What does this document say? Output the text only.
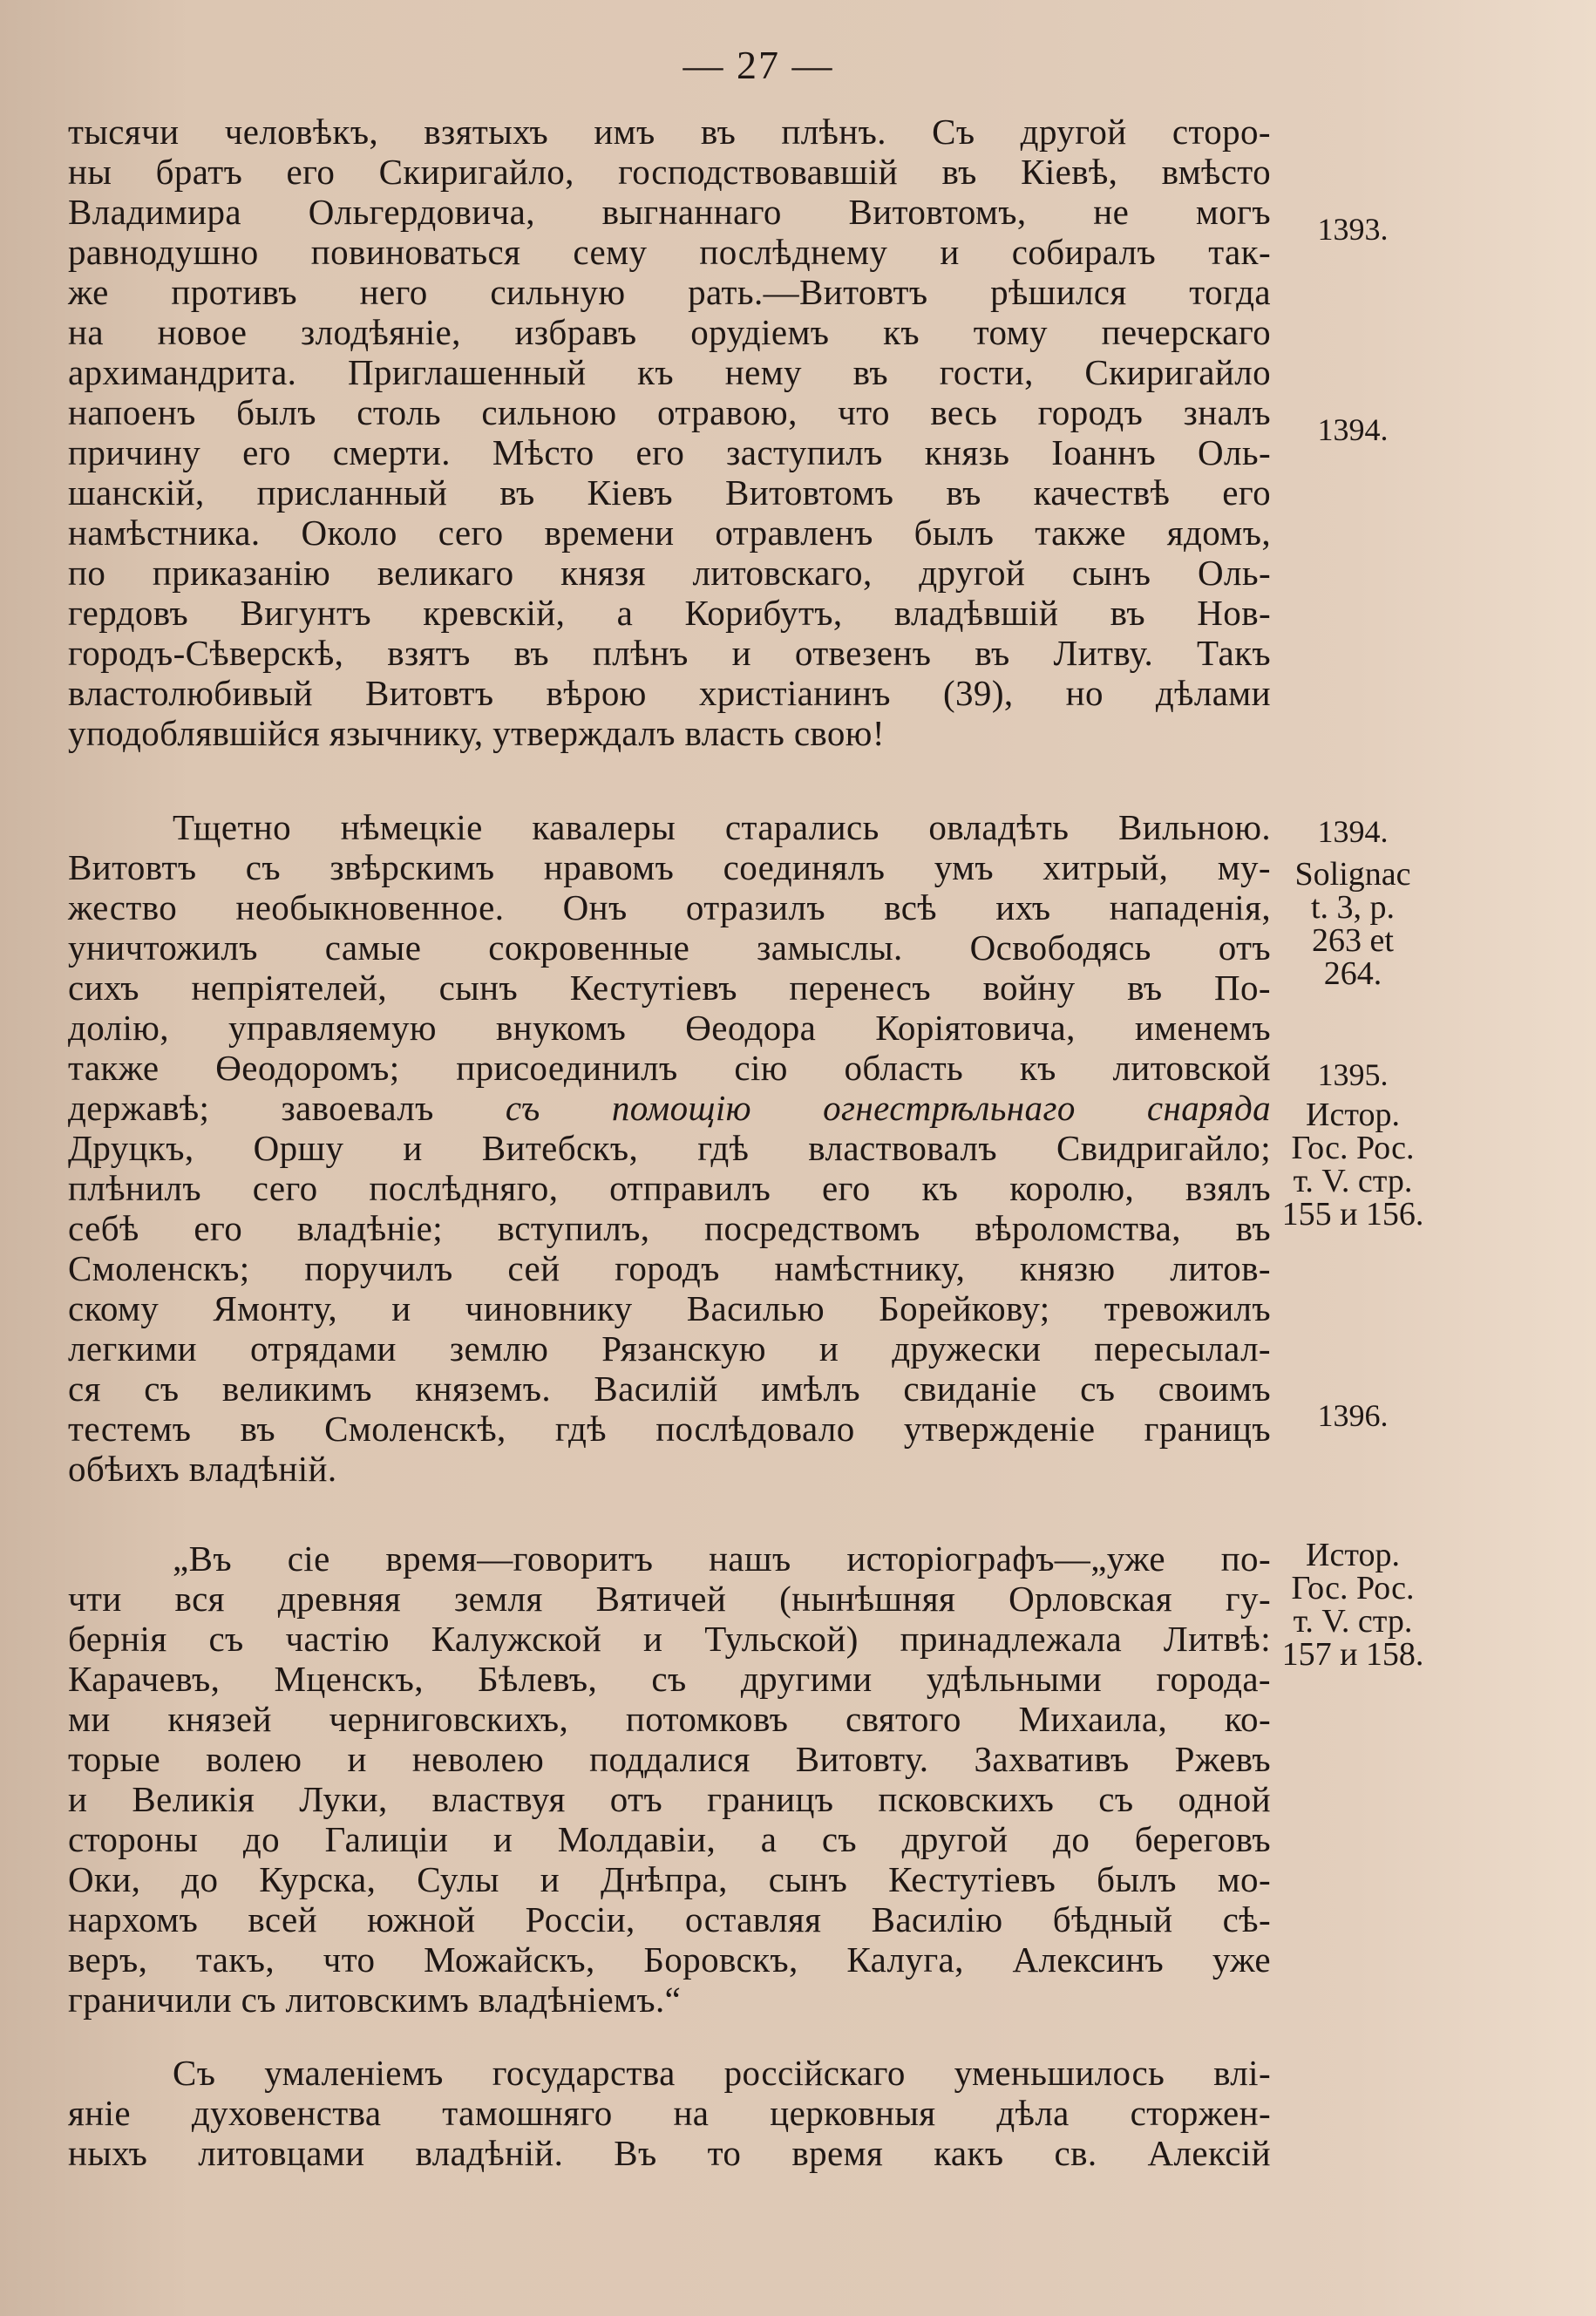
— 27 —
тысячи человѣкъ, взятыхъ имъ въ плѣнъ. Съ другой сторо-
ны братъ его Скиригайло, господствовавшій въ Кіевѣ, вмѣсто
Владимира Ольгердовича, выгнаннаго Витовтомъ, не могъ
равнодушно повиноваться сему послѣднему и собиралъ так-
же противъ него сильную рать.—Витовтъ рѣшился тогда
на новое злодѣяніе, избравъ орудіемъ къ тому печерскаго
архимандрита. Приглашенный къ нему въ гости, Скиригайло
напоенъ былъ столь сильною отравою, что весь городъ зналъ
причину его смерти. Мѣсто его заступилъ князь Іоаннъ Оль-
шанскій, присланный въ Кіевъ Витовтомъ въ качествѣ его
намѣстника. Около сего времени отравленъ былъ также ядомъ,
по приказанію великаго князя литовскаго, другой сынъ Оль-
гердовъ Вигунтъ кревскій, а Корибутъ, владѣвшій въ Нов-
городъ-Сѣверскѣ, взятъ въ плѣнъ и отвезенъ въ Литву. Такъ
властолюбивый Витовтъ вѣрою христіанинъ (39), но дѣлами
уподоблявшійся язычнику, утверждалъ власть свою!
Тщетно нѣмецкіе кавалеры старались овладѣть Вильною.
Витовтъ съ звѣрскимъ нравомъ соединялъ умъ хитрый, му-
жество необыкновенное. Онъ отразилъ всѣ ихъ нападенія,
уничтожилъ самые сокровенные замыслы. Освободясь отъ
сихъ непріятелей, сынъ Кестутіевъ перенесъ войну въ По-
долію, управляемую внукомъ Өеодора Коріятовича, именемъ
также Өеодоромъ; присоединилъ сію область къ литовской
державѣ; завоевалъ съ помощію огнестрѣльнаго снаряда
Друцкъ, Оршу и Витебскъ, гдѣ властвовалъ Свидригайло;
плѣнилъ сего послѣдняго, отправилъ его къ королю, взялъ
себѣ его владѣніе; вступилъ, посредствомъ вѣроломства, въ
Смоленскъ; поручилъ сей городъ намѣстнику, князю литов-
скому Ямонту, и чиновнику Василью Борейкову; тревожилъ
легкими отрядами землю Рязанскую и дружески пересылал-
ся съ великимъ княземъ. Василій имѣлъ свиданіе съ своимъ
тестемъ въ Смоленскѣ, гдѣ послѣдовало утвержденіе границъ
обѣихъ владѣній.
„Въ сіе время—говоритъ нашъ исторіографъ—„уже по-
чти вся древняя земля Вятичей (нынѣшняя Орловская гу-
бернія съ частію Калужской и Тульской) принадлежала Литвѣ:
Карачевъ, Мценскъ, Бѣлевъ, съ другими удѣльными города-
ми князей черниговскихъ, потомковъ святого Михаила, ко-
торые волею и неволею поддалися Витовту. Захвативъ Ржевъ
и Великія Луки, властвуя отъ границъ псковскихъ съ одной
стороны до Галиціи и Молдавіи, а съ другой до береговъ
Оки, до Курска, Сулы и Днѣпра, сынъ Кестутіевъ былъ мо-
нархомъ всей южной Россіи, оставляя Василію бѣдный сѣ-
веръ, такъ, что Можайскъ, Боровскъ, Калуга, Алексинъ уже
граничили съ литовскимъ владѣніемъ.“
Съ умаленіемъ государства россійскаго уменьшилось влі-
яніе духовенства тамошняго на церковныя дѣла сторжен-
ныхъ литовцами владѣній. Въ то время какъ св. Алексій
1393.
1394.
1394.
Solignac
t. 3, p.
263 et
264.
1395.
Истор.
Гос. Рос.
т. V. стр.
155 и 156.
1396.
Истор.
Гос. Рос.
т. V. стр.
157 и 158.
